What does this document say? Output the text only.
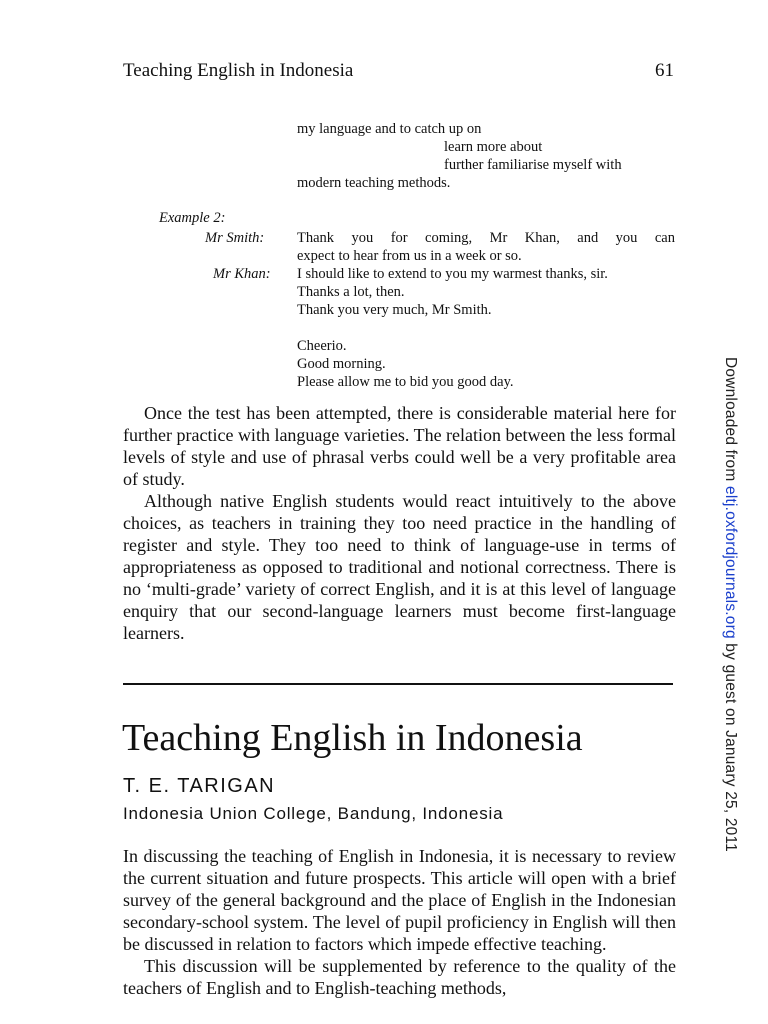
Teaching English in Indonesia	61
my language and to catch up on
learn more about
further familiarise myself with
modern teaching methods.
Example 2:
Mr Smith: Thank you for coming, Mr Khan, and you can
expect to hear from us in a week or so.
Mr Khan: I should like to extend to you my warmest thanks, sir.
Thanks a lot, then.
Thank you very much, Mr Smith.
Cheerio.
Good morning.
Please allow me to bid you good day.

Once the test has been attempted, there is considerable material here for further practice with language varieties. The relation between the less formal levels of style and use of phrasal verbs could well be a very profitable area of study.

Although native English students would react intuitively to the above choices, as teachers in training they too need practice in the handling of register and style. They too need to think of language-use in terms of appropriateness as opposed to traditional and notional correctness. There is no ‘multi-grade’ variety of correct English, and it is at this level of language enquiry that our second-language learners must become first-language learners.

Teaching English in Indonesia
T. E. TARIGAN
Indonesia Union College, Bandung, Indonesia

In discussing the teaching of English in Indonesia, it is necessary to review the current situation and future prospects. This article will open with a brief survey of the general background and the place of English in the Indonesian secondary-school system. The level of pupil proficiency in English will then be discussed in relation to factors which impede effective teaching.

This discussion will be supplemented by reference to the quality of the teachers of English and to English-teaching methods,

Downloaded from eltj.oxfordjournals.org by guest on January 25, 2011
